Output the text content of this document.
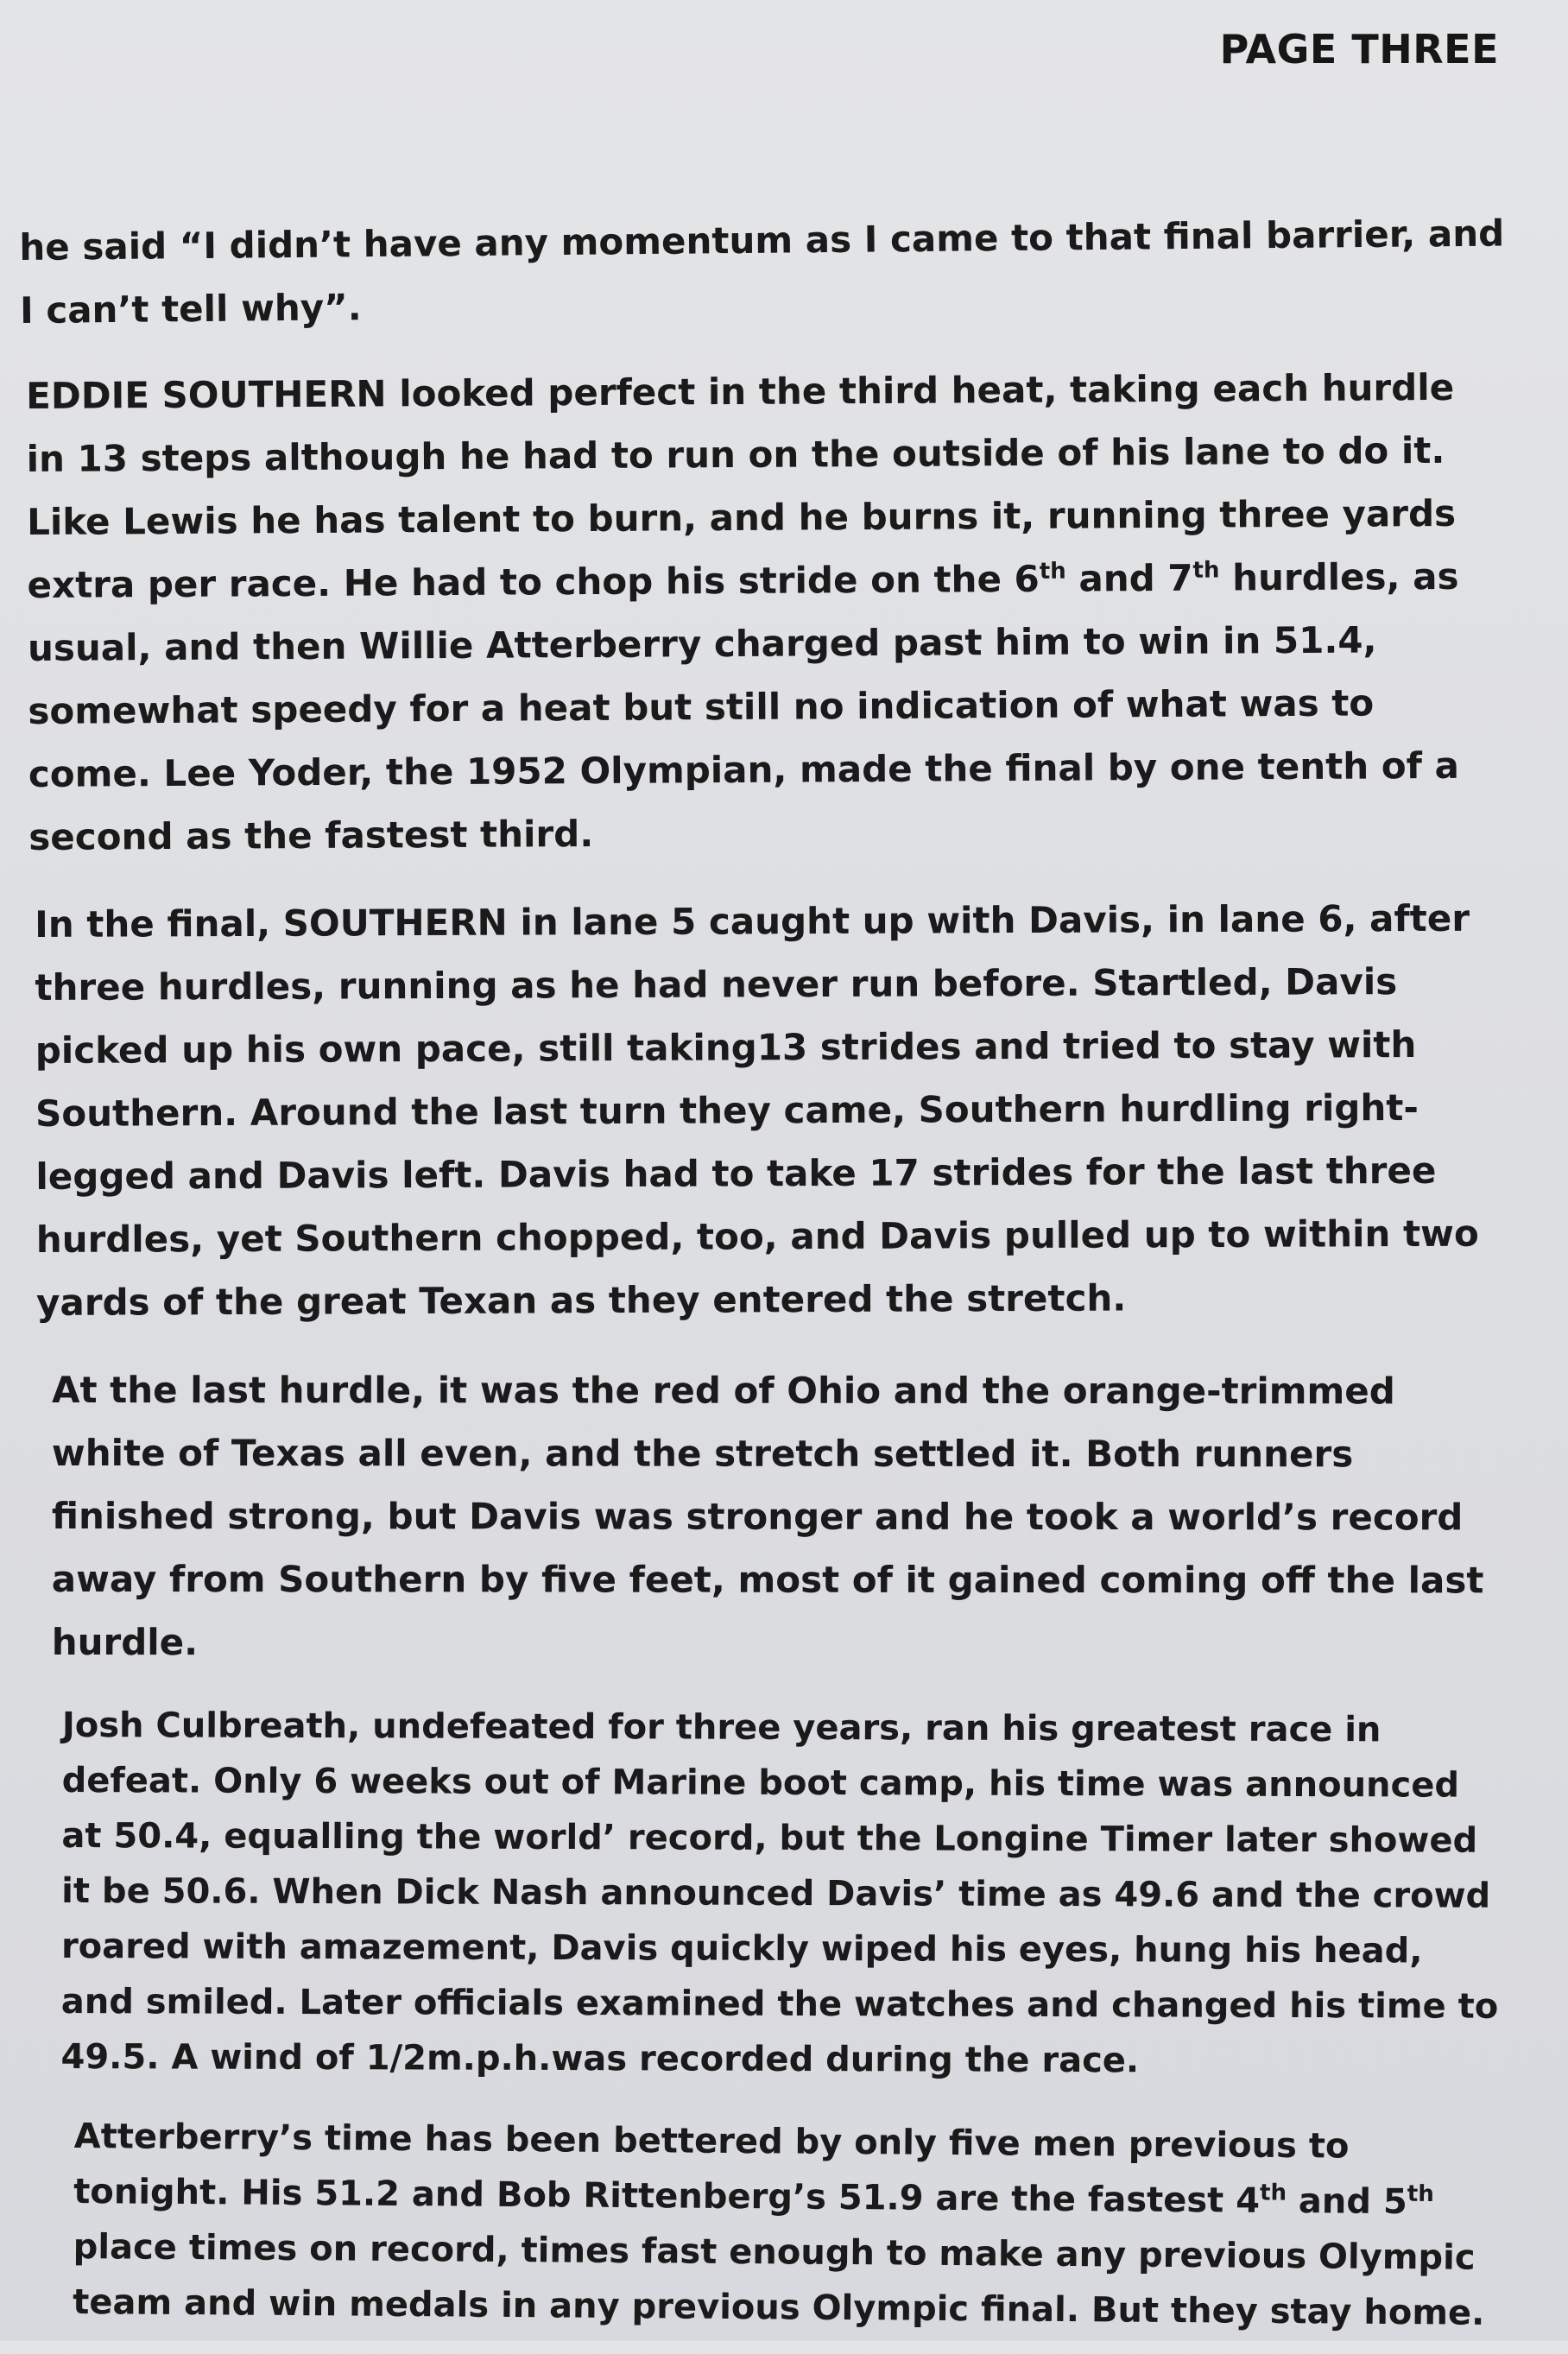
PAGE THREE

he said “I didn’t have any momentum as I came to that final barrier, and I can’t tell why”.

EDDIE SOUTHERN looked perfect in the third heat, taking each hurdle in 13 steps although he had to run on the outside of his lane to do it. Like Lewis he has talent to burn, and he burns it, running three yards extra per race. He had to chop his stride on the 6th and 7th hurdles, as usual, and then Willie Atterberry charged past him to win in 51.4, somewhat speedy for a heat but still no indication of what was to come. Lee Yoder, the 1952 Olympian, made the final by one tenth of a second as the fastest third.

In the final, SOUTHERN in lane 5 caught up with Davis, in lane 6, after three hurdles, running as he had never run before. Startled, Davis picked up his own pace, still taking13 strides and tried to stay with Southern. Around the last turn they came, Southern hurdling right-legged and Davis left. Davis had to take 17 strides for the last three hurdles, yet Southern chopped, too, and Davis pulled up to within two yards of the great Texan as they entered the stretch.

At the last hurdle, it was the red of Ohio and the orange-trimmed white of Texas all even, and the stretch settled it. Both runners finished strong, but Davis was stronger and he took a world’s record away from Southern by five feet, most of it gained coming off the last hurdle.

Josh Culbreath, undefeated for three years, ran his greatest race in defeat. Only 6 weeks out of Marine boot camp, his time was announced at 50.4, equalling the world’ record, but the Longine Timer later showed it be 50.6. When Dick Nash announced Davis’ time as 49.6 and the crowd roared with amazement, Davis quickly wiped his eyes, hung his head, and smiled. Later officials examined the watches and changed his time to 49.5. A wind of 1/2m.p.h.was recorded during the race.

Atterberry’s time has been bettered by only five men previous to tonight. His 51.2 and Bob Rittenberg’s 51.9 are the fastest 4th and 5th place times on record, times fast enough to make any previous Olympic team and win medals in any previous Olympic final. But they stay home.
